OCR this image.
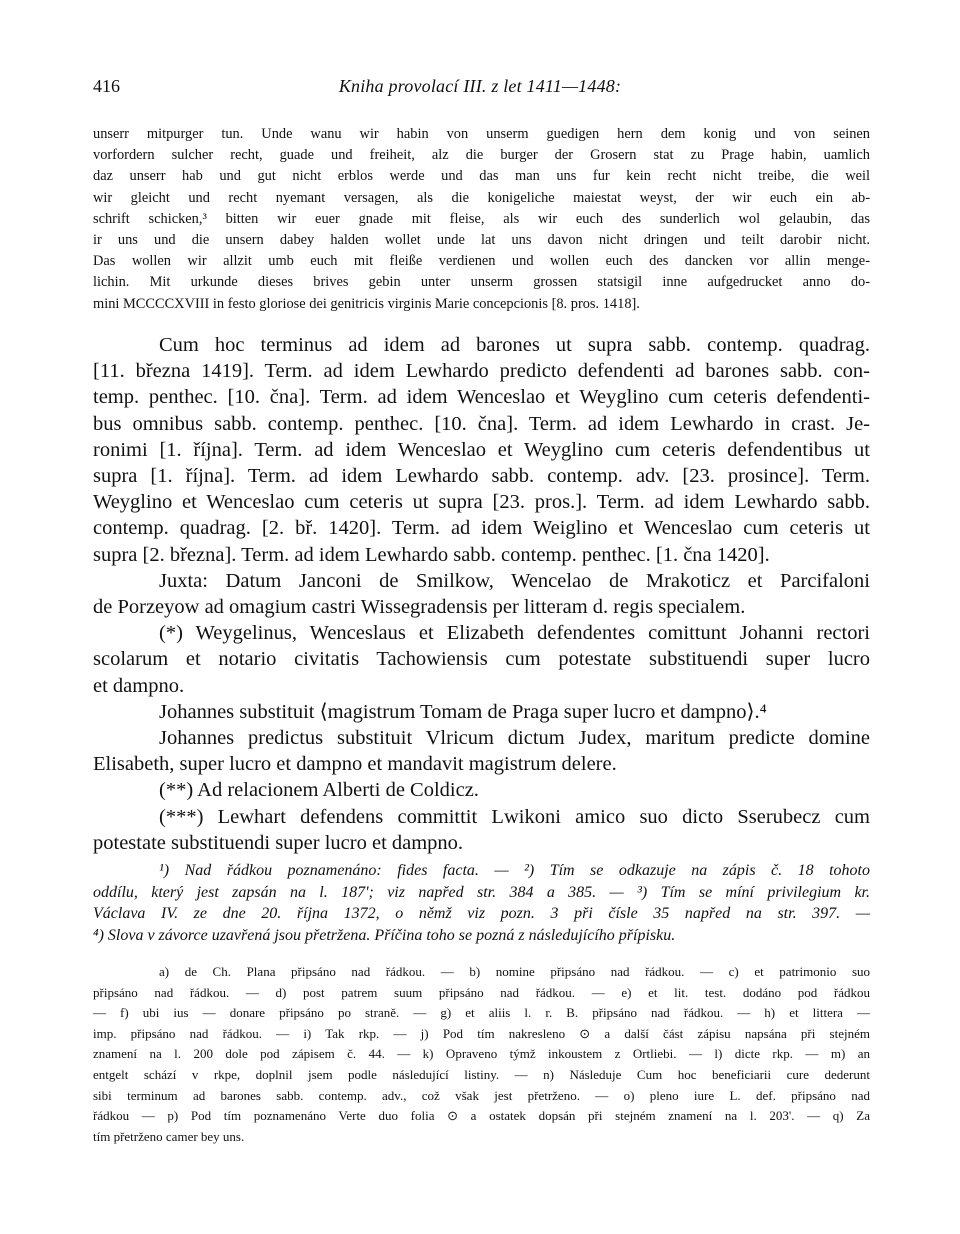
416	Kniha provolací III. z let 1411—1448:
unserr mitpurger tun. Unde wanu wir habin von unserm guedigen hern dem konig und von seinen
vorfordern sulcher recht, guade und freiheit, alz die burger der Grosern stat zu Prage habin, uamlich
daz unserr hab und gut nicht erblos werde und das man uns fur kein recht nicht treibe, die weil
wir gleicht und recht nyemant versagen, als die konigeliche maiestat weyst, der wir euch ein ab-
schrift schicken,³ bitten wir euer gnade mit fleise, als wir euch des sunderlich wol gelaubin, das
ir uns und die unsern dabey halden wollet unde lat uns davon nicht dringen und teilt darobir nicht.
Das wollen wir allzit umb euch mit fleiße verdienen und wollen euch des dancken vor allin menge-
lichin. Mit urkunde dieses brives gebin unter unserm grossen statsigil inne aufgedrucket anno do-
mini MCCCCXVIII in festo gloriose dei genitricis virginis Marie concepcionis [8. pros. 1418].
Cum hoc terminus ad idem ad barones ut supra sabb. contemp. quadrag.
[11. března 1419]. Term. ad idem Lewhardo predicto defendenti ad barones sabb. con-
temp. penthec. [10. čna]. Term. ad idem Wenceslao et Weyglino cum ceteris defendenti-
bus omnibus sabb. contemp. penthec. [10. čna]. Term. ad idem Lewhardo in crast. Je-
ronimi [1. října]. Term. ad idem Wenceslao et Weyglino cum ceteris defendentibus ut
supra [1. října]. Term. ad idem Lewhardo sabb. contemp. adv. [23. prosince]. Term.
Weyglino et Wenceslao cum ceteris ut supra [23. pros.]. Term. ad idem Lewhardo sabb.
contemp. quadrag. [2. bř. 1420]. Term. ad idem Weiglino et Wenceslao cum ceteris ut
supra [2. března]. Term. ad idem Lewhardo sabb. contemp. penthec. [1. čna 1420].
Juxta: Datum Janconi de Smilkow, Wencelao de Mrakoticz et Parcifaloni
de Porzeyow ad omagium castri Wissegradensis per litteram d. regis specialem.
(*) Weygelinus, Wenceslaus et Elizabeth defendentes comittunt Johanni rectori
scolarum et notario civitatis Tachowiensis cum potestate substituendi super lucro
et dampno.
Johannes substituit ⟨magistrum Tomam de Praga super lucro et dampno⟩.⁴
Johannes predictus substituit Vlricum dictum Judex, maritum predicte domine
Elisabeth, super lucro et dampno et mandavit magistrum delere.
(**) Ad relacionem Alberti de Coldicz.
(***) Lewhart defendens committit Lwikoni amico suo dicto Sserubecz cum
potestate substituendi super lucro et dampno.
¹) Nad řádkou poznamenáno: fides facta. — ²) Tím se odkazuje na zápis č. 18 tohoto
oddílu, který jest zapsán na l. 187'; viz napřed str. 384 a 385. — ³) Tím se míní privilegium kr.
Václava IV. ze dne 20. října 1372, o němž viz pozn. 3 při čísle 35 napřed na str. 397. —
⁴) Slova v závorce uzavřená jsou přetržena. Příčina toho se pozná z následujícího přípisku.
a) de Ch. Plana připsáno nad řádkou. — b) nomine připsáno nad řádkou. — c) et patrimonio suo
připsáno nad řádkou. — d) post patrem suum připsáno nad řádkou. — e) et lit. test. dodáno pod řádkou
— f) ubi ius — donare připsáno po straně. — g) et aliis l. r. B. připsáno nad řádkou. — h) et littera —
imp. připsáno nad řádkou. — i) Tak rkp. — j) Pod tím nakresleno ⊙ a další část zápisu napsána při stejném
znamení na l. 200 dole pod zápisem č. 44. — k) Opraveno týmž inkoustem z Ortliebi. — l) dicte rkp. — m) an
entgelt schází v rkpe, doplnil jsem podle následující listiny. — n) Následuje Cum hoc beneficiarii cure dederunt
sibi terminum ad barones sabb. contemp. adv., což však jest přetrženo. — o) pleno iure L. def. připsáno nad
řádkou — p) Pod tím poznamenáno Verte duo folia ⊙ a ostatek dopsán při stejném znamení na l. 203'. — q) Za
tím přetrženo camer bey uns.
